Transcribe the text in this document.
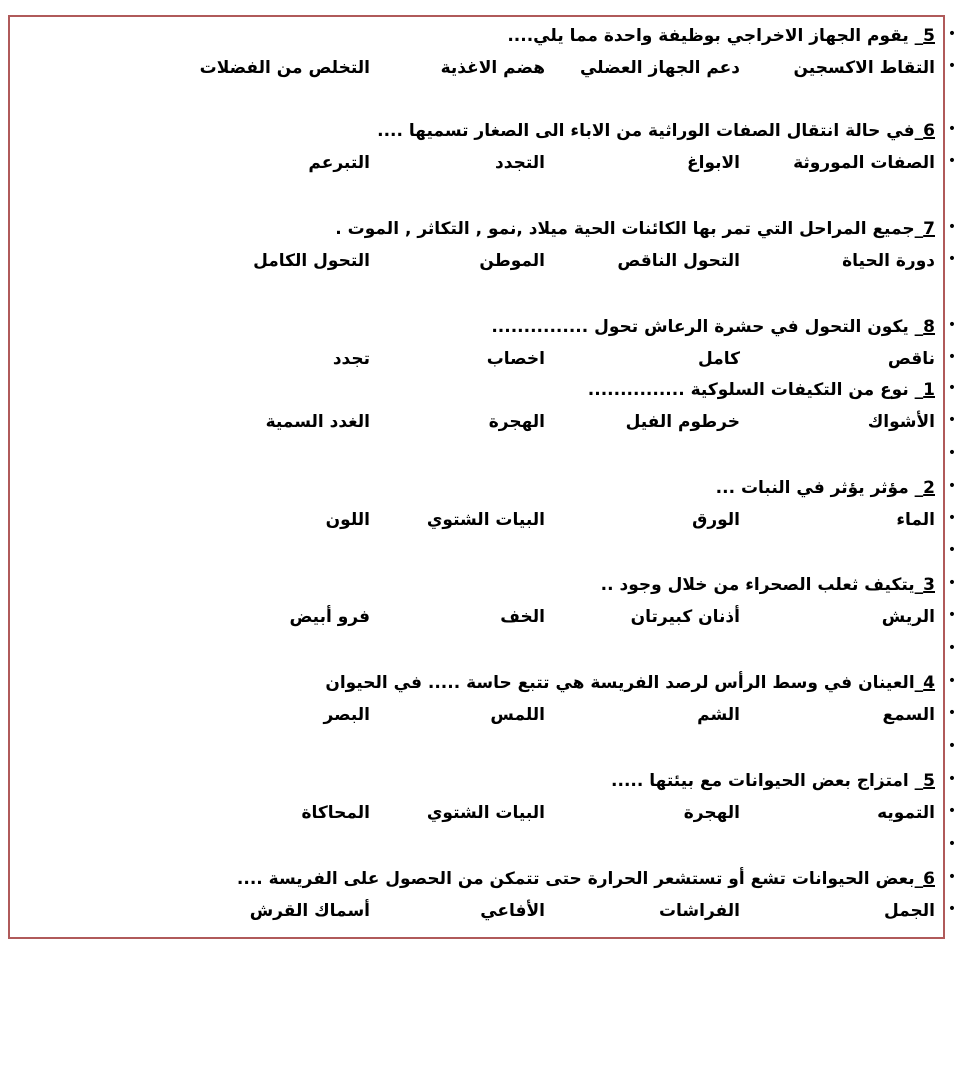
•
5_ يقوم الجهاز الاخراجي بوظيفة واحدة مما يلي....
•
التقاط الاكسجين
دعم الجهاز العضلي
هضم الاغذية
التخلص من الفضلات
•
6_في حالة انتقال الصفات الوراثية من الاباء الى الصغار تسميها ....
•
الصفات الموروثة
الابواغ
التجدد
التبرعم
•
7_جميع المراحل التي تمر بها الكائنات الحية ميلاد ,نمو , التكاثر , الموت .
•
دورة الحياة
التحول الناقص
الموطن
التحول الكامل
•
8_ يكون التحول في حشرة الرعاش تحول ...............
•
ناقص
كامل
اخصاب
تجدد
•
1_ نوع من التكيفات السلوكية ...............
•
الأشواك
خرطوم الفيل
الهجرة
الغدد السمية
•
•
2_ مؤثر يؤثر في النبات ...
•
الماء
الورق
البيات الشتوي
اللون
•
•
3_يتكيف ثعلب الصحراء من خلال وجود ..
•
الريش
أذنان كبيرتان
الخف
فرو أبيض
•
•
4_العينان في وسط الرأس لرصد الفريسة هي تتبع حاسة ..... في الحيوان
•
السمع
الشم
اللمس
البصر
•
•
5_ امتزاج بعض الحيوانات مع بيئتها .....
•
التمويه
الهجرة
البيات الشتوي
المحاكاة
•
•
6_بعض الحيوانات تشع أو تستشعر الحرارة حتى تتمكن من الحصول على الفريسة ....
•
الجمل
الفراشات
الأفاعي
أسماك القرش
